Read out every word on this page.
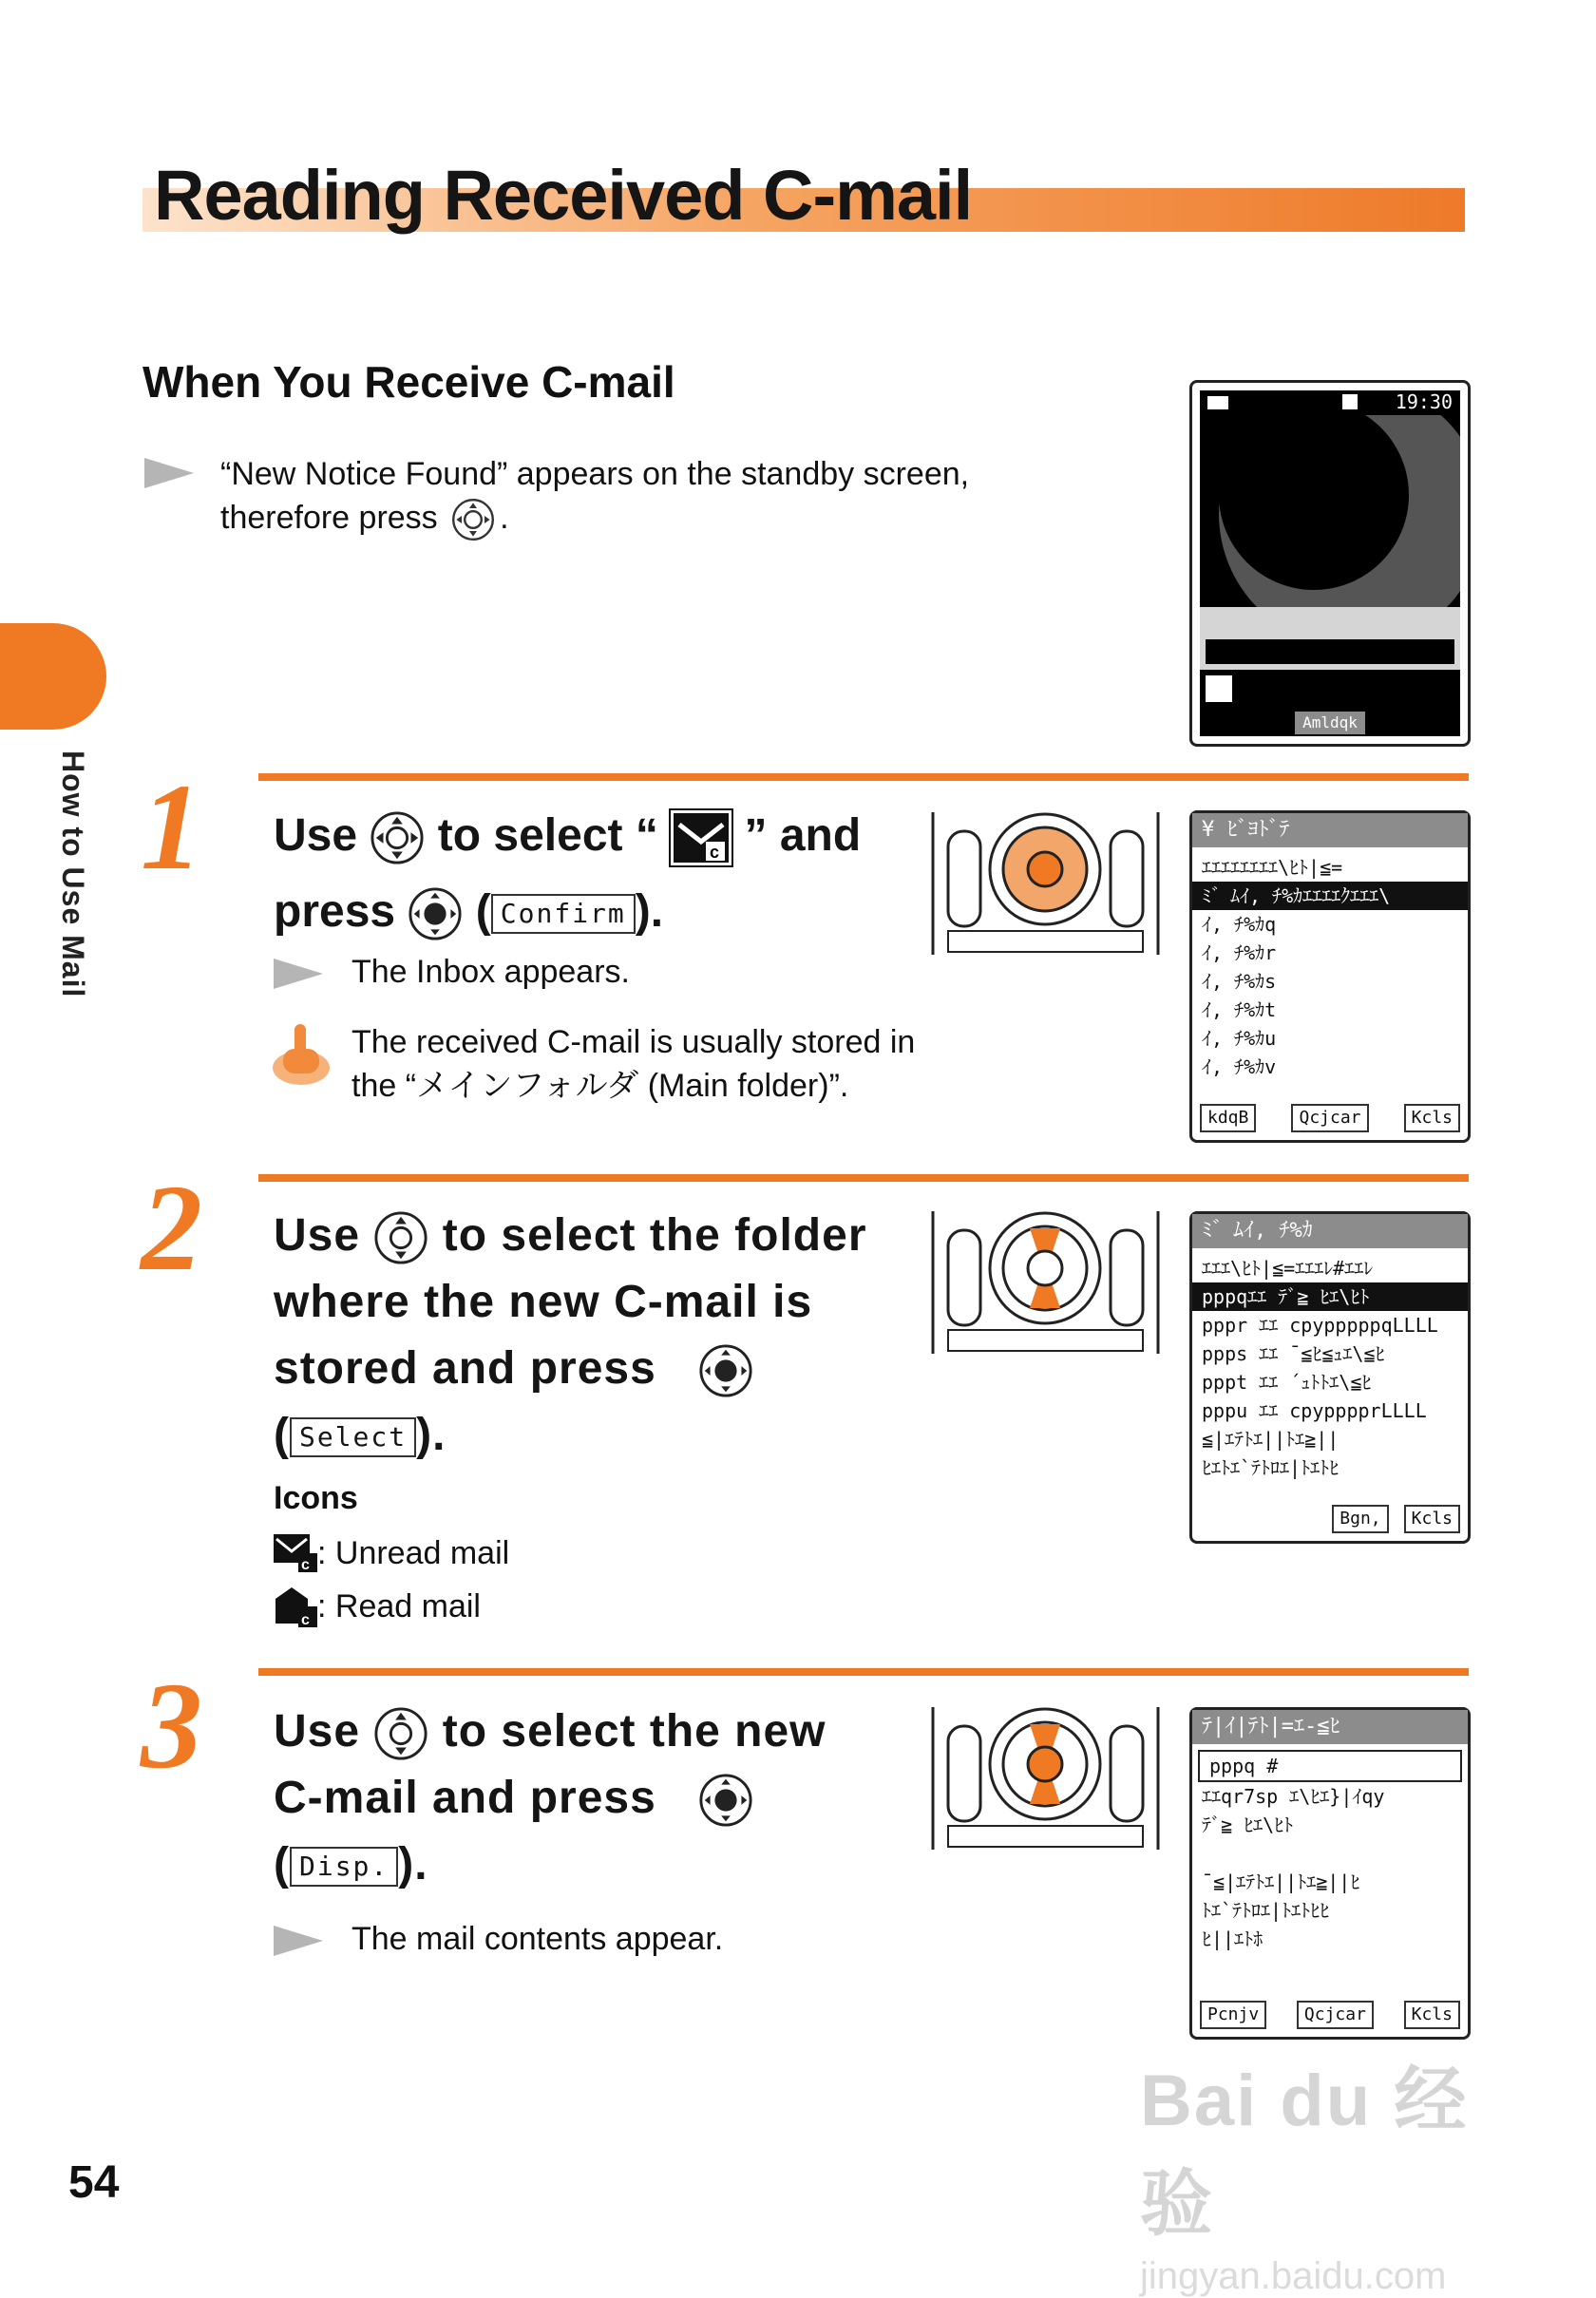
Reading Received C-mail
How to Use Mail
54
When You Receive C-mail
“New Notice Found” appears on the standby screen,
therefore press .
19:30
Amldqk
1 Use to select “	c ” and
press ( Confirm ).
The Inbox appears.
The received C-mail is usually stored in
the “メインフォルダ (Main folder)”.
¥ ﾋﾞﾖﾄﾞﾃ
ｴｴｴｴｴｴｴｴ\ﾋﾄ|≦=
ﾐ゛ﾑｲ, ﾁ%ｶｴｴｴｴｸｴｴｴ\
ｲ, ﾁ%ｶq
ｲ, ﾁ%ｶr
ｲ, ﾁ%ｶs
ｲ, ﾁ%ｶt
ｲ, ﾁ%ｶu
ｲ, ﾁ%ｶv
kdqB	Qcjcar	Kcls
2 Use to select the folder
where the new C-mail is
stored and press
( Select ).
Icons
c : Unread mail
c : Read mail
ﾐ゛ﾑｲ, ﾁ%ｶ
ｴｴｴ\ﾋﾄ|≦=ｴｴｴﾚ#ｴｴﾚ
pppqｴｴ ﾃﾞ≧ ﾋｴ\ﾋﾄ
pppr ｴｴ cpypppppqLLLL
ppps ｴｴ ¯≦ﾋ≦ｭｴ\≦ﾋ
pppt ｴｴ ´ｭﾄﾄｴ\≦ﾋ
pppu ｴｴ cpypppprLLLL
≦|ｴﾃﾄｴ||ﾄｴ≧||
ﾋｴﾄｴ`ﾃﾄﾛｴ|ﾄｴﾄﾋ
Bgn,	Kcls
3 Use to select the new
C-mail and press
( Disp. ).
The mail contents appear.
ﾃ|ｲ|ﾃﾄ|=ｴ-≦ﾋ
pppq #
ｴｴqr7sp ｴ\ﾋｴ}|ｲqy
ﾃﾞ≧ ﾋｴ\ﾋﾄ
¯≦|ｴﾃﾄｴ||ﾄｴ≧||ﾋ
ﾄｴ`ﾃﾄﾛｴ|ﾄｴﾄﾋﾋ
ﾋ||ｴﾄﾎ
Pcnjv	Qcjcar	Kcls
Bai du 经验
jingyan.baidu.com
